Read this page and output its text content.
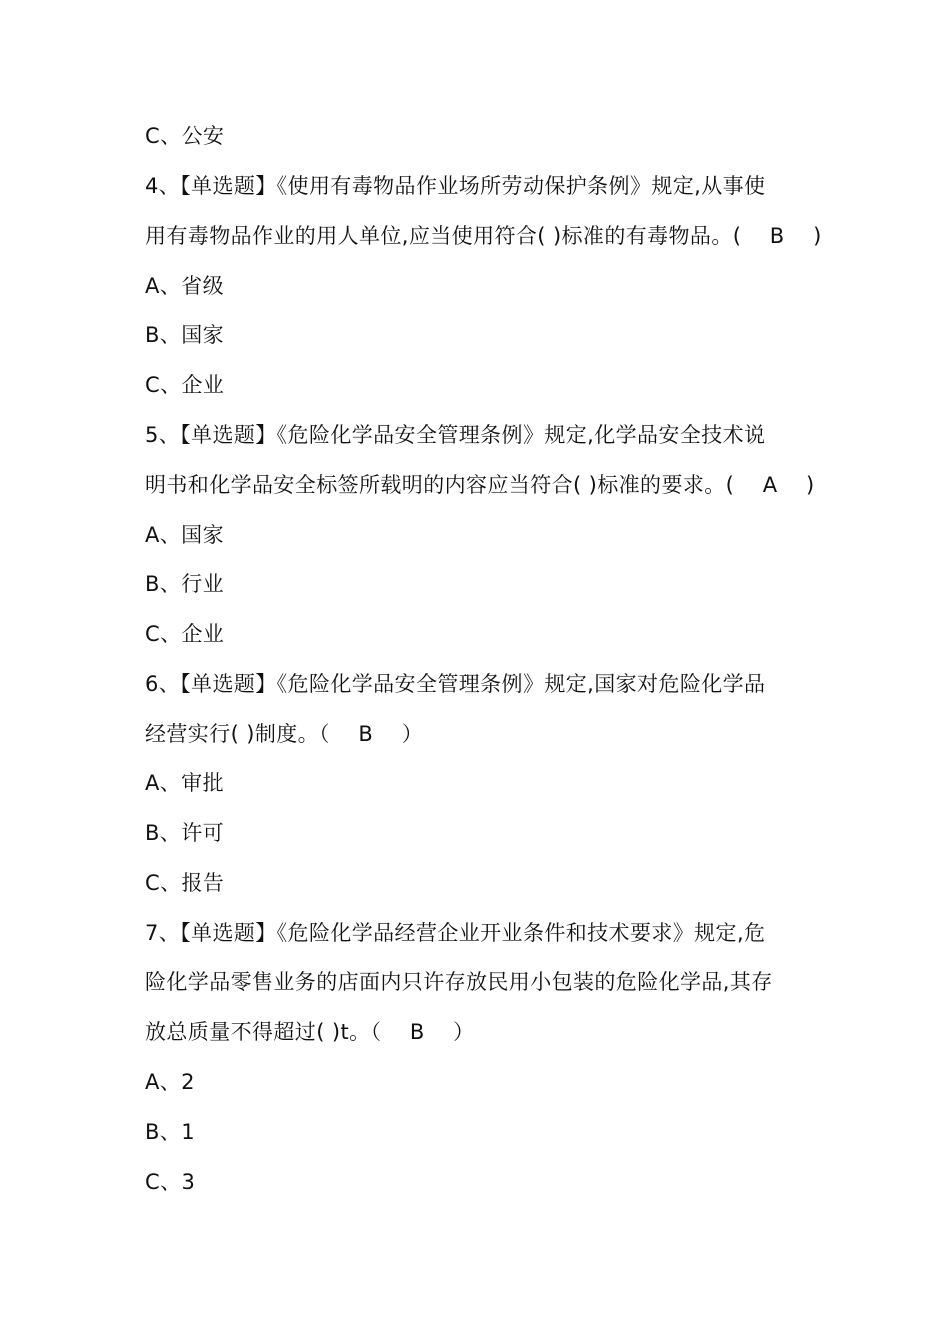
C、公安
4、【单选题】《使用有毒物品作业场所劳动保护条例》规定,从事使
用有毒物品作业的用人单位,应当使用符合( )标准的有毒物品。(　 B 　)
A、省级
B、国家
C、企业
5、【单选题】《危险化学品安全管理条例》规定,化学品安全技术说
明书和化学品安全标签所载明的内容应当符合( )标准的要求。(　 A 　)
A、国家
B、行业
C、企业
6、【单选题】《危险化学品安全管理条例》规定,国家对危险化学品
经营实行( )制度。（　 B 　）
A、审批
B、许可
C、报告
7、【单选题】《危险化学品经营企业开业条件和技术要求》规定,危
险化学品零售业务的店面内只许存放民用小包装的危险化学品,其存
放总质量不得超过( )t。（　 B 　）
A、2
B、1
C、3
